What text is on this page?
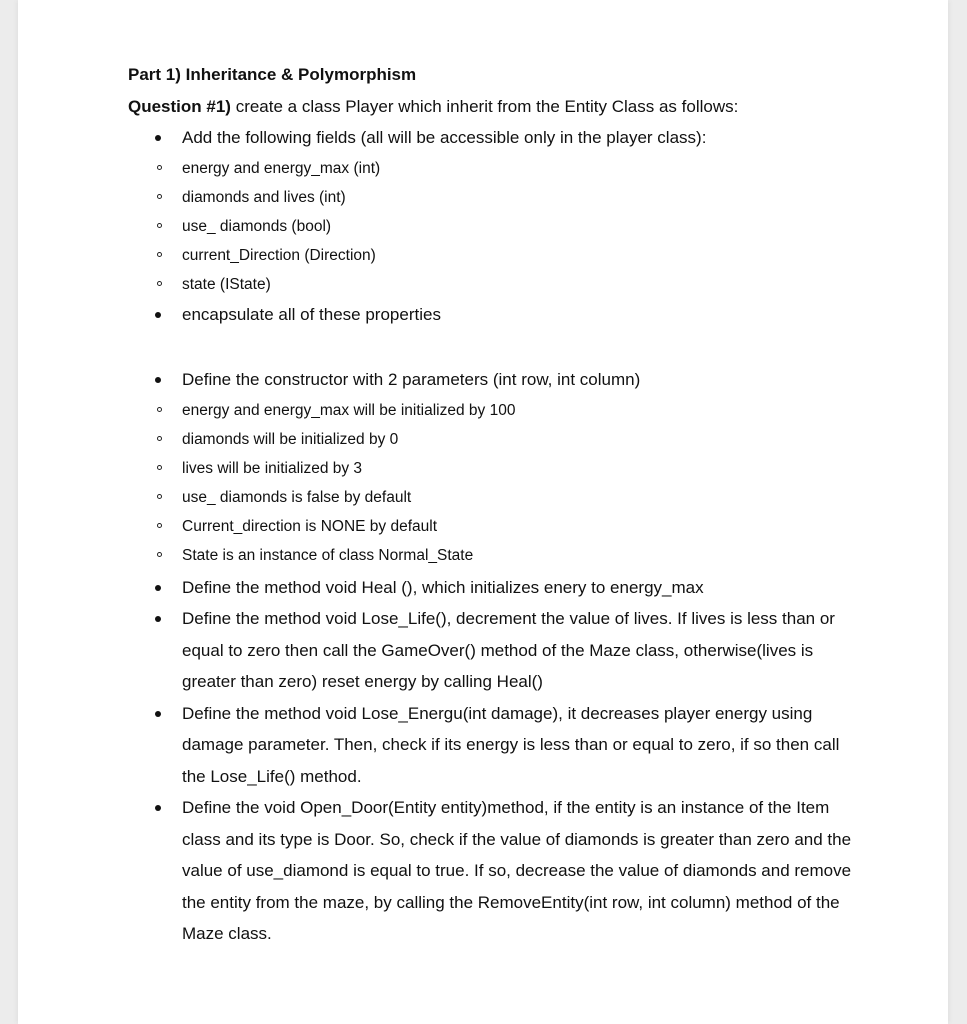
Part 1) Inheritance & Polymorphism

Question #1) create a class Player which inherit from the Entity Class as follows:

Add the following fields (all will be accessible only in the player class):
energy and energy_max (int)
diamonds and lives (int)
use_ diamonds (bool)
current_Direction (Direction)
state (IState)
encapsulate all of these properties
Define the constructor with 2 parameters (int row, int column)
energy and energy_max will be initialized by 100
diamonds will be initialized by 0
lives will be initialized by 3
use_ diamonds is false by default
Current_direction is NONE by default
State is an instance of class Normal_State
Define the method void Heal (), which initializes enery to energy_max
Define the method void Lose_Life(), decrement the value of lives. If lives is less than or equal to zero then call the GameOver() method of the Maze class, otherwise(lives is greater than zero) reset energy by calling Heal()
Define the method void Lose_Energu(int damage), it decreases player energy using damage parameter. Then, check if its energy is less than or equal to zero, if so then call the Lose_Life() method.
Define the void Open_Door(Entity entity)method, if the entity is an instance of the Item class and its type is Door. So, check if the value of diamonds is greater than zero and the value of use_diamond is equal to true. If so, decrease the value of diamonds and remove the entity from the maze, by calling the RemoveEntity(int row, int column) method of the Maze class.
